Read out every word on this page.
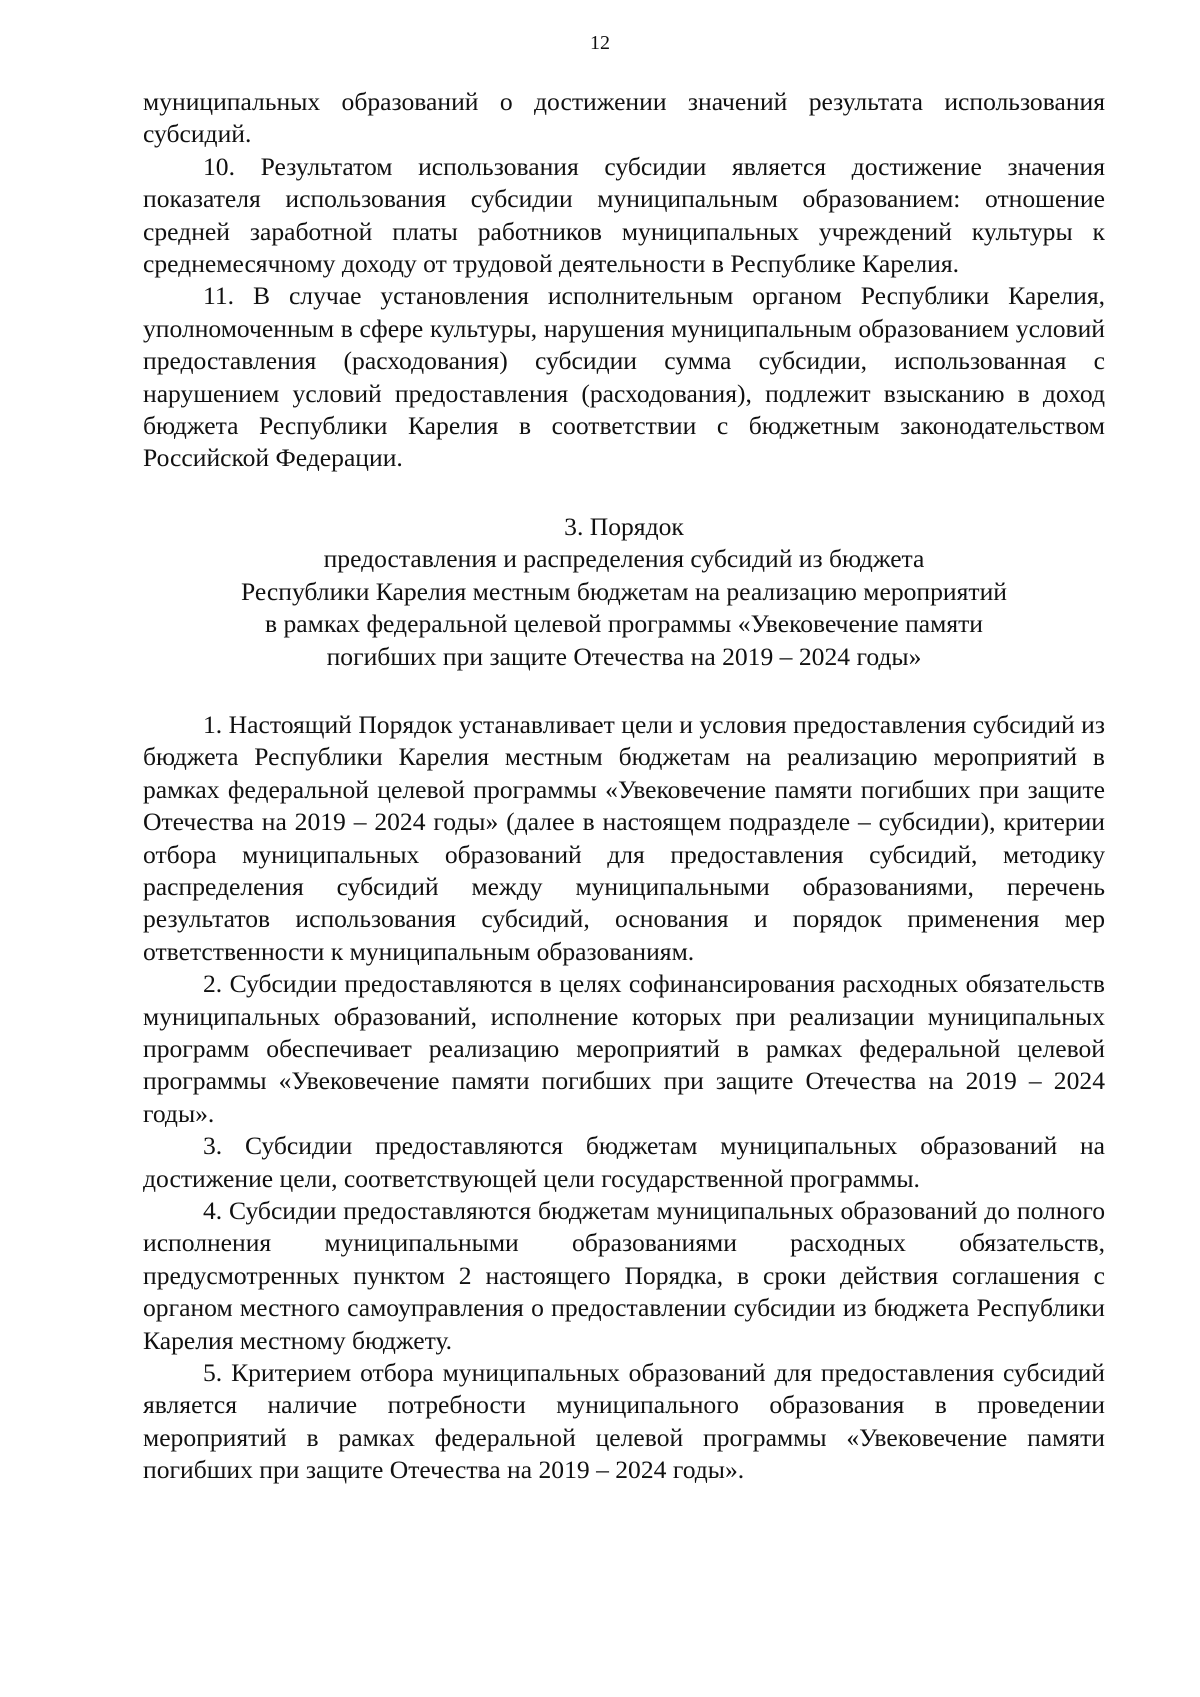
12

муниципальных образований о достижении значений результата использования субсидий.

10. Результатом использования субсидии является достижение значения показателя использования субсидии муниципальным образованием: отношение средней заработной платы работников муниципальных учреждений культуры к среднемесячному доходу от трудовой деятельности в Республике Карелия.

11. В случае установления исполнительным органом Республики Карелия, уполномоченным в сфере культуры, нарушения муниципальным образованием условий предоставления (расходования) субсидии сумма субсидии, использованная с нарушением условий предоставления (расходования), подлежит взысканию в доход бюджета Республики Карелия в соответствии с бюджетным законодательством Российской Федерации.

3. Порядок
предоставления и распределения субсидий из бюджета
Республики Карелия местным бюджетам на реализацию мероприятий
в рамках федеральной целевой программы «Увековечение памяти
погибших при защите Отечества на 2019 – 2024 годы»

1. Настоящий Порядок устанавливает цели и условия предоставления субсидий из бюджета Республики Карелия местным бюджетам на реализацию мероприятий в рамках федеральной целевой программы «Увековечение памяти погибших при защите Отечества на 2019 – 2024 годы» (далее в настоящем подразделе – субсидии), критерии отбора муниципальных образований для предоставления субсидий, методику распределения субсидий между муниципальными образованиями, перечень результатов использования субсидий, основания и порядок применения мер ответственности к муниципальным образованиям.

2. Субсидии предоставляются в целях софинансирования расходных обязательств муниципальных образований, исполнение которых при реализации муниципальных программ обеспечивает реализацию мероприятий в рамках федеральной целевой программы «Увековечение памяти погибших при защите Отечества на 2019 – 2024 годы».

3. Субсидии предоставляются бюджетам муниципальных образований на достижение цели, соответствующей цели государственной программы.

4. Субсидии предоставляются бюджетам муниципальных образований до полного исполнения муниципальными образованиями расходных обязательств, предусмотренных пунктом 2 настоящего Порядка, в сроки действия соглашения с органом местного самоуправления о предоставлении субсидии из бюджета Республики Карелия местному бюджету.

5. Критерием отбора муниципальных образований для предоставления субсидий является наличие потребности муниципального образования в проведении мероприятий в рамках федеральной целевой программы «Увековечение памяти погибших при защите Отечества на 2019 – 2024 годы».
